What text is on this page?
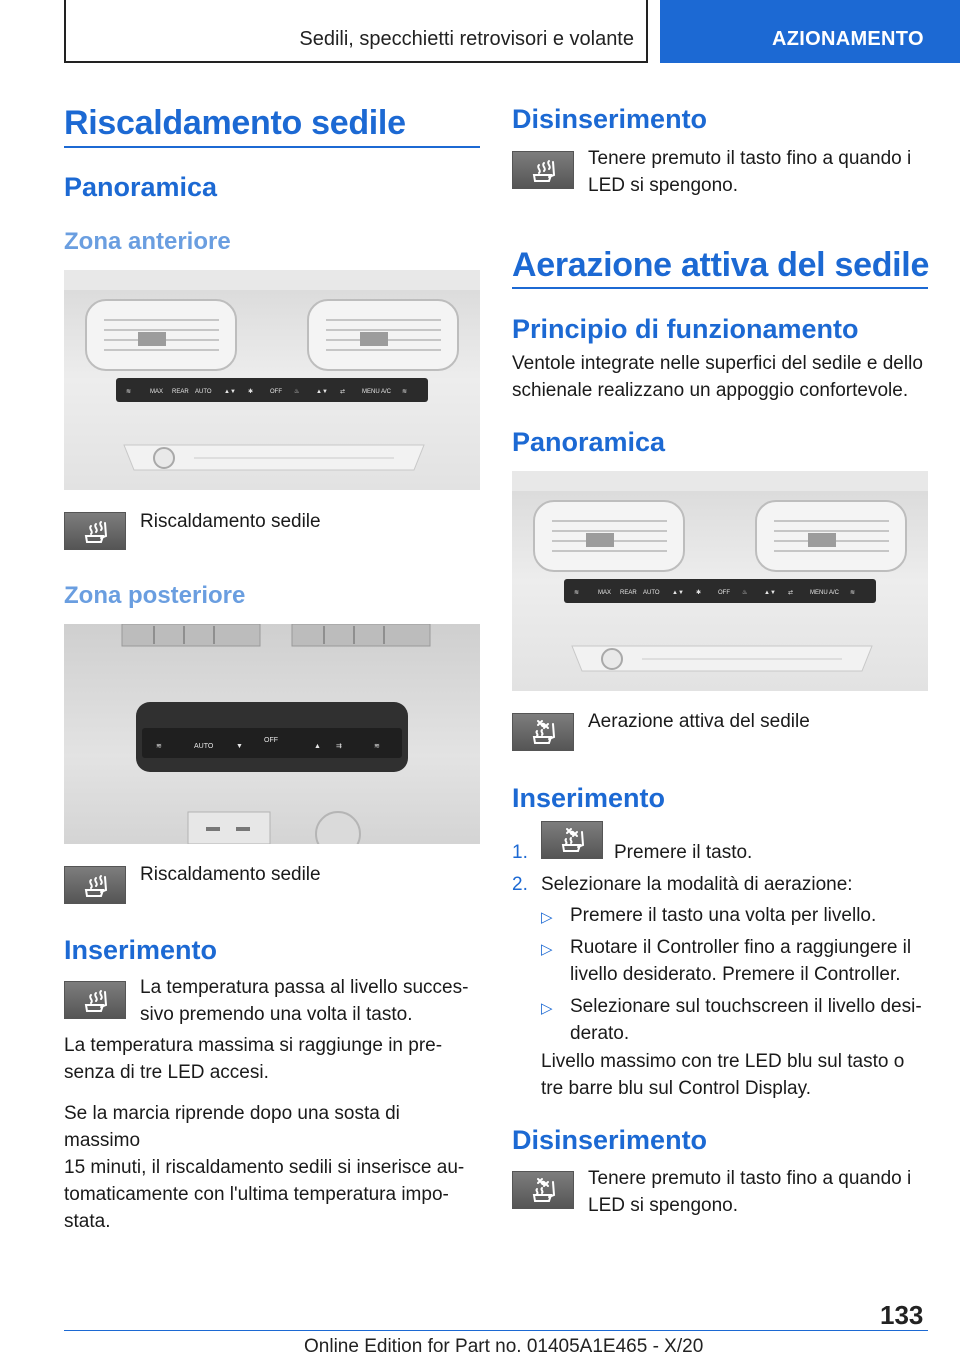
Sedili, specchietti retrovisori e volante	AZIONAMENTO
Riscaldamento sedile
Panoramica
Zona anteriore
≋	MAX REAR AUTO ▲▼ ✱	OFF ♨	▲▼ ⇄	MENU A/C ≋
Riscaldamento sedile
Zona posteriore
≋	AUTO	▼
OFF
▲ ⇉	≋
Riscaldamento sedile
Inserimento
La temperatura passa al livello succes-
sivo premendo una volta il tasto.
La temperatura massima si raggiunge in pre-
senza di tre LED accesi.
Se la marcia riprende dopo una sosta di massimo
15 minuti, il riscaldamento sedili si inserisce au-
tomaticamente con l'ultima temperatura impo-
stata.
Disinserimento
Tenere premuto il tasto fino a quando i
LED si spengono.
Aerazione attiva del sedile
Principio di funzionamento
Ventole integrate nelle superfici del sedile e dello
schienale realizzano un appoggio confortevole.
Panoramica
≋	MAX REAR AUTO ▲▼ ✱	OFF ♨	▲▼ ⇄	MENU A/C ≋
Aerazione attiva del sedile
Inserimento
1.	Premere il tasto.
2. Selezionare la modalità di aerazione:
▷ Premere il tasto una volta per livello.
▷ Ruotare il Controller fino a raggiungere il
livello desiderato. Premere il Controller.
▷ Selezionare sul touchscreen il livello desi-
derato.
Livello massimo con tre LED blu sul tasto o
tre barre blu sul Control Display.
Disinserimento
Tenere premuto il tasto fino a quando i
LED si spengono.
133
Online Edition for Part no. 01405A1E465 - X/20
